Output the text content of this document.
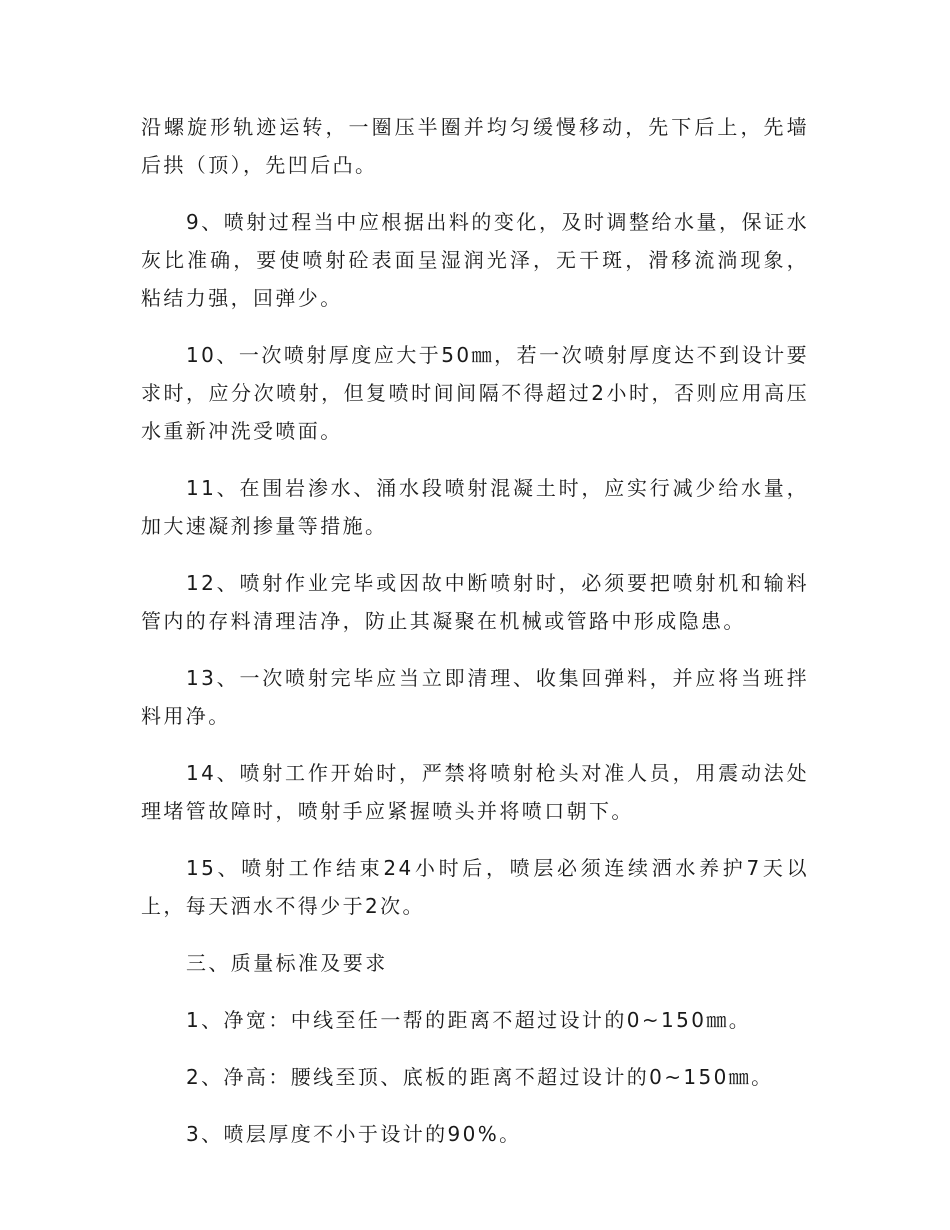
沿螺旋形轨迹运转，一圈压半圈并均匀缓慢移动，先下后上，先墙后拱（顶），先凹后凸。

9、喷射过程当中应根据出料的变化，及时调整给水量，保证水灰比准确，要使喷射砼表面呈湿润光泽，无干斑，滑移流淌现象，粘结力强，回弹少。

10、一次喷射厚度应大于50㎜，若一次喷射厚度达不到设计要求时，应分次喷射，但复喷时间间隔不得超过2小时，否则应用高压水重新冲洗受喷面。

11、在围岩渗水、涌水段喷射混凝土时，应实行减少给水量，加大速凝剂掺量等措施。

12、喷射作业完毕或因故中断喷射时，必须要把喷射机和输料管内的存料清理洁净，防止其凝聚在机械或管路中形成隐患。

13、一次喷射完毕应当立即清理、收集回弹料，并应将当班拌料用净。

14、喷射工作开始时，严禁将喷射枪头对准人员，用震动法处理堵管故障时，喷射手应紧握喷头并将喷口朝下。

15、喷射工作结束24小时后，喷层必须连续洒水养护7天以上，每天洒水不得少于2次。

三、质量标准及要求

1、净宽：中线至任一帮的距离不超过设计的0~150㎜。

2、净高：腰线至顶、底板的距离不超过设计的0~150㎜。

3、喷层厚度不小于设计的90%。
